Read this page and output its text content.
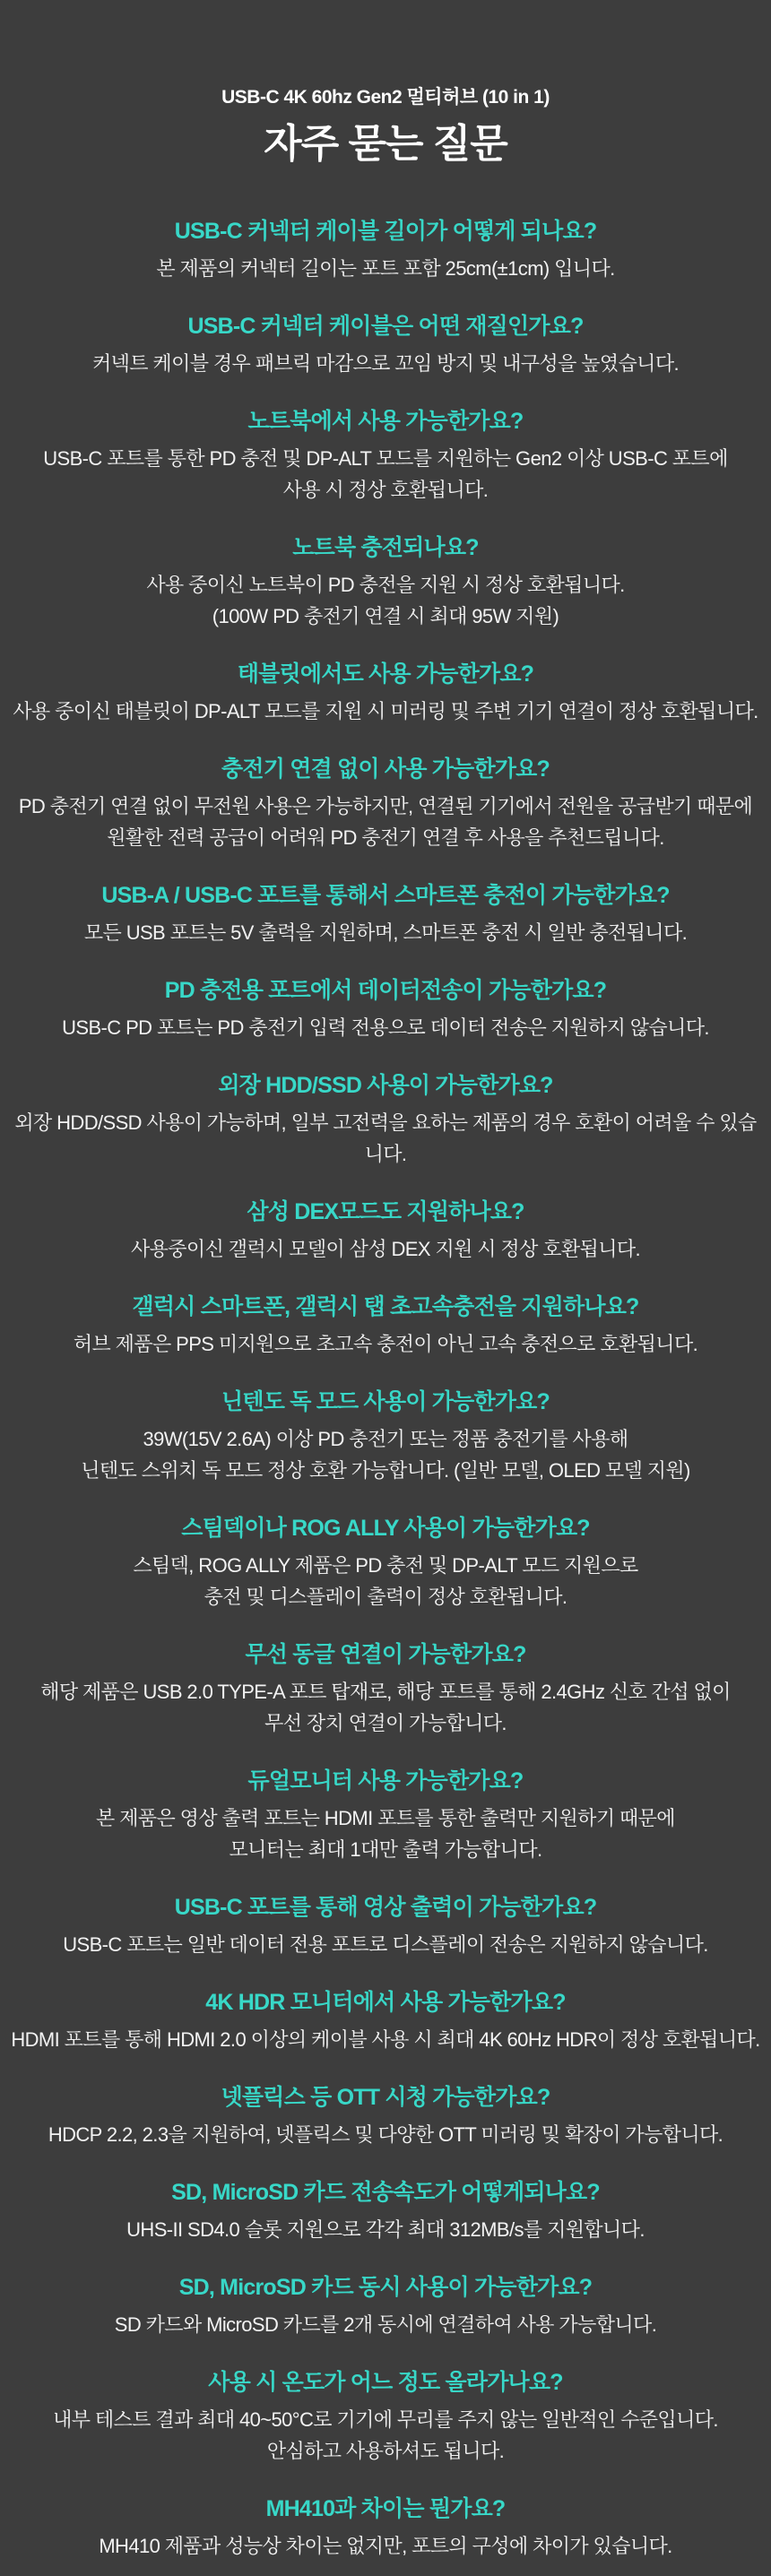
USB-C 4K 60hz Gen2 멀티허브 (10 in 1)

자주 묻는 질문
USB-C 커넥터 케이블 길이가 어떻게 되나요?

본 제품의 커넥터 길이는 포트 포함 25cm(±1cm) 입니다.

USB-C 커넥터 케이블은 어떤 재질인가요?

커넥트 케이블 경우 패브릭 마감으로 꼬임 방지 및 내구성을 높였습니다.

노트북에서 사용 가능한가요?

USB-C 포트를 통한 PD 충전 및 DP-ALT 모드를 지원하는 Gen2 이상 USB-C 포트에

사용 시 정상 호환됩니다.

노트북 충전되나요?

사용 중이신 노트북이 PD 충전을 지원 시 정상 호환됩니다.

(100W PD 충전기 연결 시 최대 95W 지원)

태블릿에서도 사용 가능한가요?

사용 중이신 태블릿이 DP-ALT 모드를 지원 시 미러링 및 주변 기기 연결이 정상 호환됩니다.

충전기 연결 없이 사용 가능한가요?

PD 충전기 연결 없이 무전원 사용은 가능하지만, 연결된 기기에서 전원을 공급받기 때문에

원활한 전력 공급이 어려워 PD 충전기 연결 후 사용을 추천드립니다.

USB-A / USB-C 포트를 통해서 스마트폰 충전이 가능한가요?

모든 USB 포트는 5V 출력을 지원하며, 스마트폰 충전 시 일반 충전됩니다.

PD 충전용 포트에서 데이터전송이 가능한가요?

USB-C PD 포트는 PD 충전기 입력 전용으로 데이터 전송은 지원하지 않습니다.

외장 HDD/SSD 사용이 가능한가요?

외장 HDD/SSD 사용이 가능하며, 일부 고전력을 요하는 제품의 경우 호환이 어려울 수 있습니다.

삼성 DEX모드도 지원하나요?

사용중이신 갤럭시 모델이 삼성 DEX 지원 시 정상 호환됩니다.

갤럭시 스마트폰, 갤럭시 탭 초고속충전을 지원하나요?

허브 제품은 PPS 미지원으로 초고속 충전이 아닌 고속 충전으로 호환됩니다.

닌텐도 독 모드 사용이 가능한가요?

39W(15V 2.6A) 이상 PD 충전기 또는 정품 충전기를 사용해

닌텐도 스위치 독 모드 정상 호환 가능합니다. (일반 모델, OLED 모델 지원)

스팀덱이나 ROG ALLY 사용이 가능한가요?

스팀덱, ROG ALLY 제품은 PD 충전 및 DP-ALT 모드 지원으로

충전 및 디스플레이 출력이 정상 호환됩니다.

무선 동글 연결이 가능한가요?

해당 제품은 USB 2.0 TYPE-A 포트 탑재로, 해당 포트를 통해 2.4GHz 신호 간섭 없이

무선 장치 연결이 가능합니다.

듀얼모니터 사용 가능한가요?

본 제품은 영상 출력 포트는 HDMI 포트를 통한 출력만 지원하기 때문에

모니터는 최대 1대만 출력 가능합니다.

USB-C 포트를 통해 영상 출력이 가능한가요?

USB-C 포트는 일반 데이터 전용 포트로 디스플레이 전송은 지원하지 않습니다.

4K HDR 모니터에서 사용 가능한가요?

HDMI 포트를 통해 HDMI 2.0 이상의 케이블 사용 시 최대 4K 60Hz HDR이 정상 호환됩니다.

넷플릭스 등 OTT 시청 가능한가요?

HDCP 2.2, 2.3을 지원하여, 넷플릭스 및 다양한 OTT 미러링 및 확장이 가능합니다.

SD, MicroSD 카드 전송속도가 어떻게되나요?

UHS-II SD4.0 슬롯 지원으로 각각 최대 312MB/s를 지원합니다.

SD, MicroSD 카드 동시 사용이 가능한가요?

SD 카드와 MicroSD 카드를 2개 동시에 연결하여 사용 가능합니다.

사용 시 온도가 어느 정도 올라가나요?

내부 테스트 결과 최대 40~50°C로 기기에 무리를 주지 않는 일반적인 수준입니다.

안심하고 사용하셔도 됩니다.

MH410과 차이는 뭔가요?

MH410 제품과 성능상 차이는 없지만, 포트의 구성에 차이가 있습니다.
